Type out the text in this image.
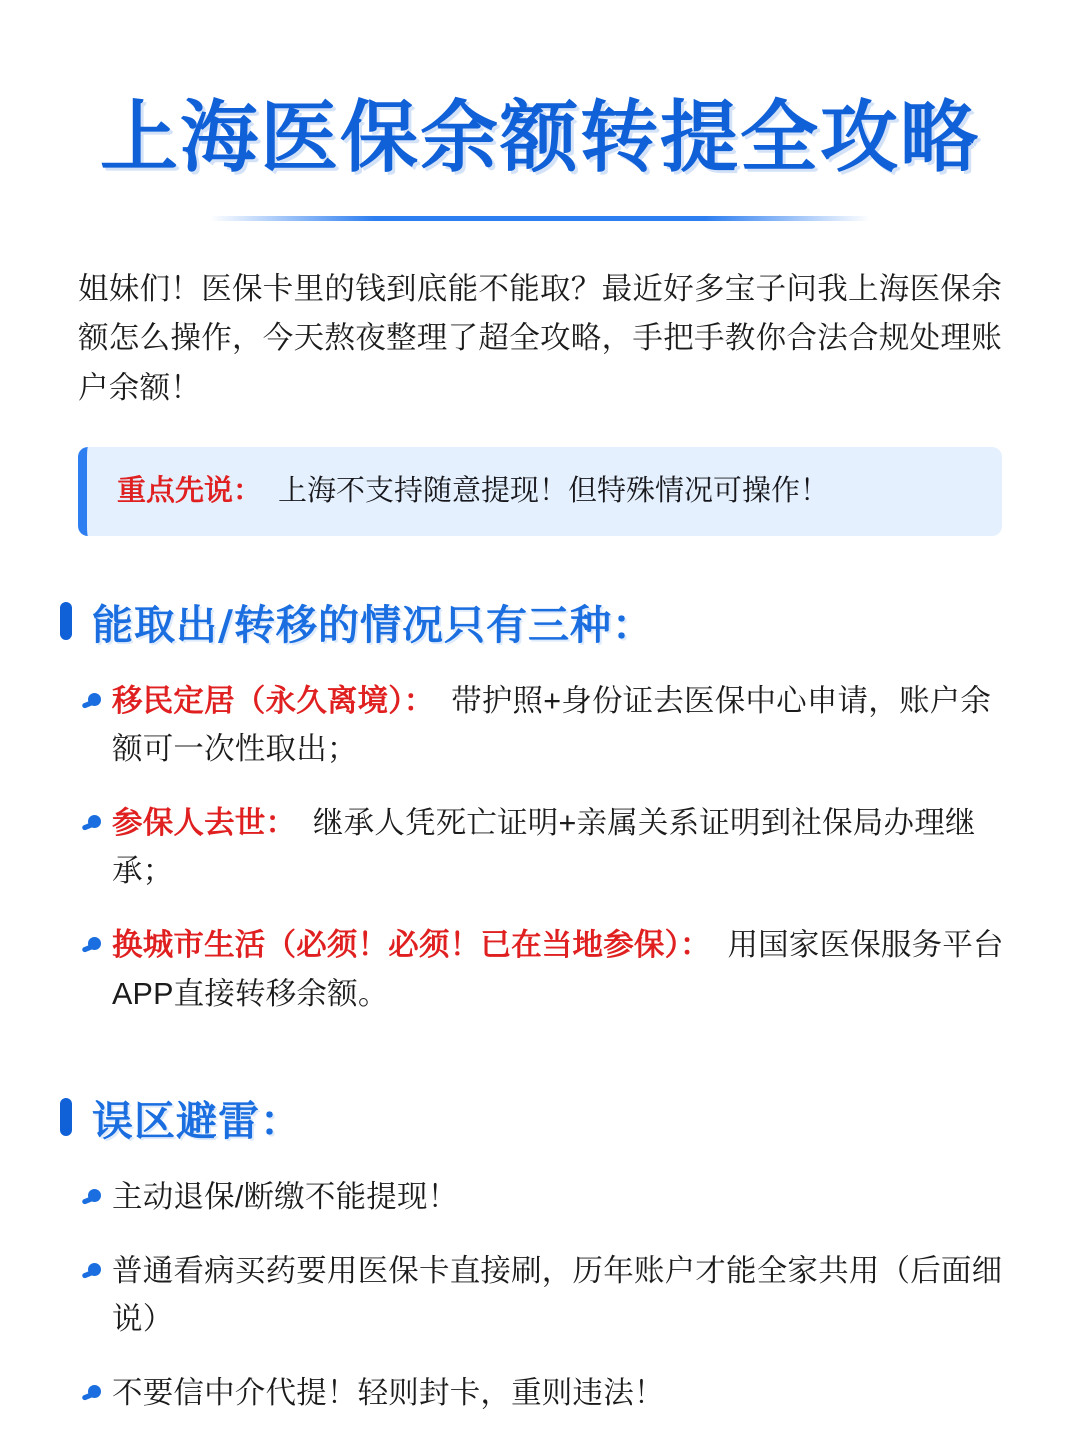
上海医保余额转提全攻略

姐妹们！医保卡里的钱到底能不能取？最近好多宝子问我上海医保余额怎么操作，今天熬夜整理了超全攻略，手把手教你合法合规处理账户余额！

重点先说： 上海不支持随意提现！但特殊情况可操作！
能取出/转移的情况只有三种：
移民定居（永久离境）： 带护照+身份证去医保中心申请，账户余额可一次性取出；
参保人去世： 继承人凭死亡证明+亲属关系证明到社保局办理继承；
换城市生活（必须！必须！已在当地参保）： 用国家医保服务平台APP直接转移余额。
误区避雷：
主动退保/断缴不能提现！
普通看病买药要用医保卡直接刷，历年账户才能全家共用（后面细说）
不要信中介代提！轻则封卡，重则违法！
